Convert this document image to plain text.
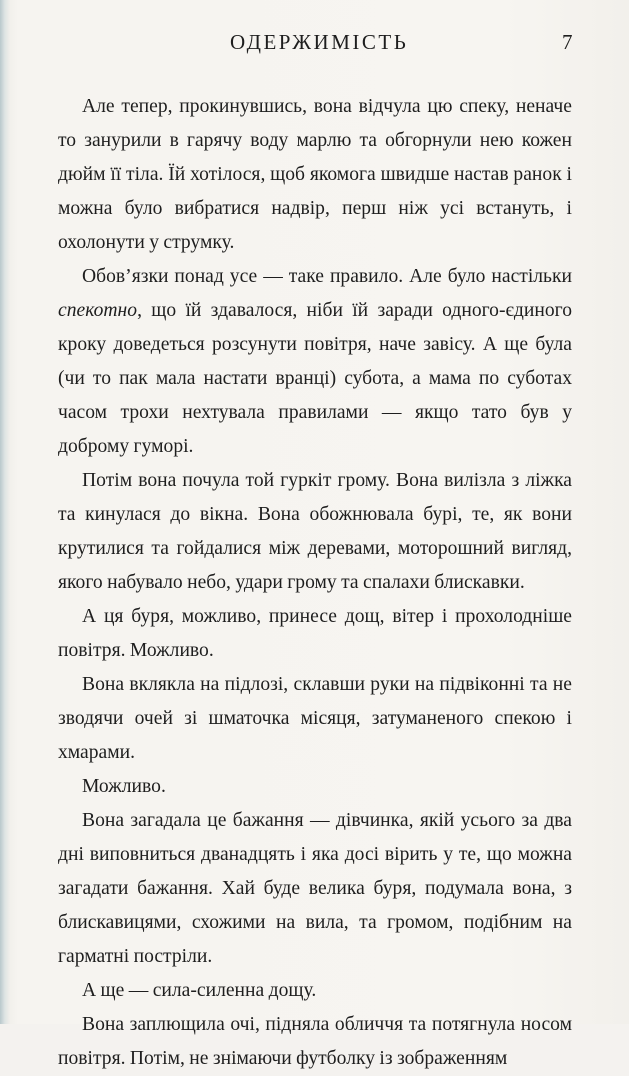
ОДЕРЖИМІСТЬ	7

Але тепер, прокинувшись, вона відчула цю спеку, неначе то занурили в гарячу воду марлю та обгорнули нею кожен дюйм її тіла. Їй хотілося, щоб якомога швидше настав ранок і можна було вибратися надвір, перш ніж усі встануть, і охолонути у струмку.

Обов’язки понад усе — таке правило. Але було настільки спекотно, що їй здавалося, ніби їй заради одного-єдиного кроку доведеться розсунути повітря, наче завісу. А ще була (чи то пак мала настати вранці) субота, а мама по суботах часом трохи нехтувала правилами — якщо тато був у доброму гуморі.

Потім вона почула той гуркіт грому. Вона вилізла з ліжка та кинулася до вікна. Вона обожнювала бурі, те, як вони крутилися та гойдалися між деревами, моторошний вигляд, якого набувало небо, удари грому та спалахи блискавки.

А ця буря, можливо, принесе дощ, вітер і прохолодніше повітря. Можливо.

Вона вклякла на підлозі, склавши руки на підвіконні та не зводячи очей зі шматочка місяця, затуманеного спекою і хмарами.

Можливо.

Вона загадала це бажання — дівчинка, якій усього за два дні виповниться дванадцять і яка досі вірить у те, що можна загадати бажання. Хай буде велика буря, подумала вона, з блискавицями, схожими на вила, та громом, подібним на гарматні постріли.

А ще — сила-силенна дощу.

Вона заплющила очі, підняла обличчя та потягнула носом повітря. Потім, не знімаючи футболку із зображенням
